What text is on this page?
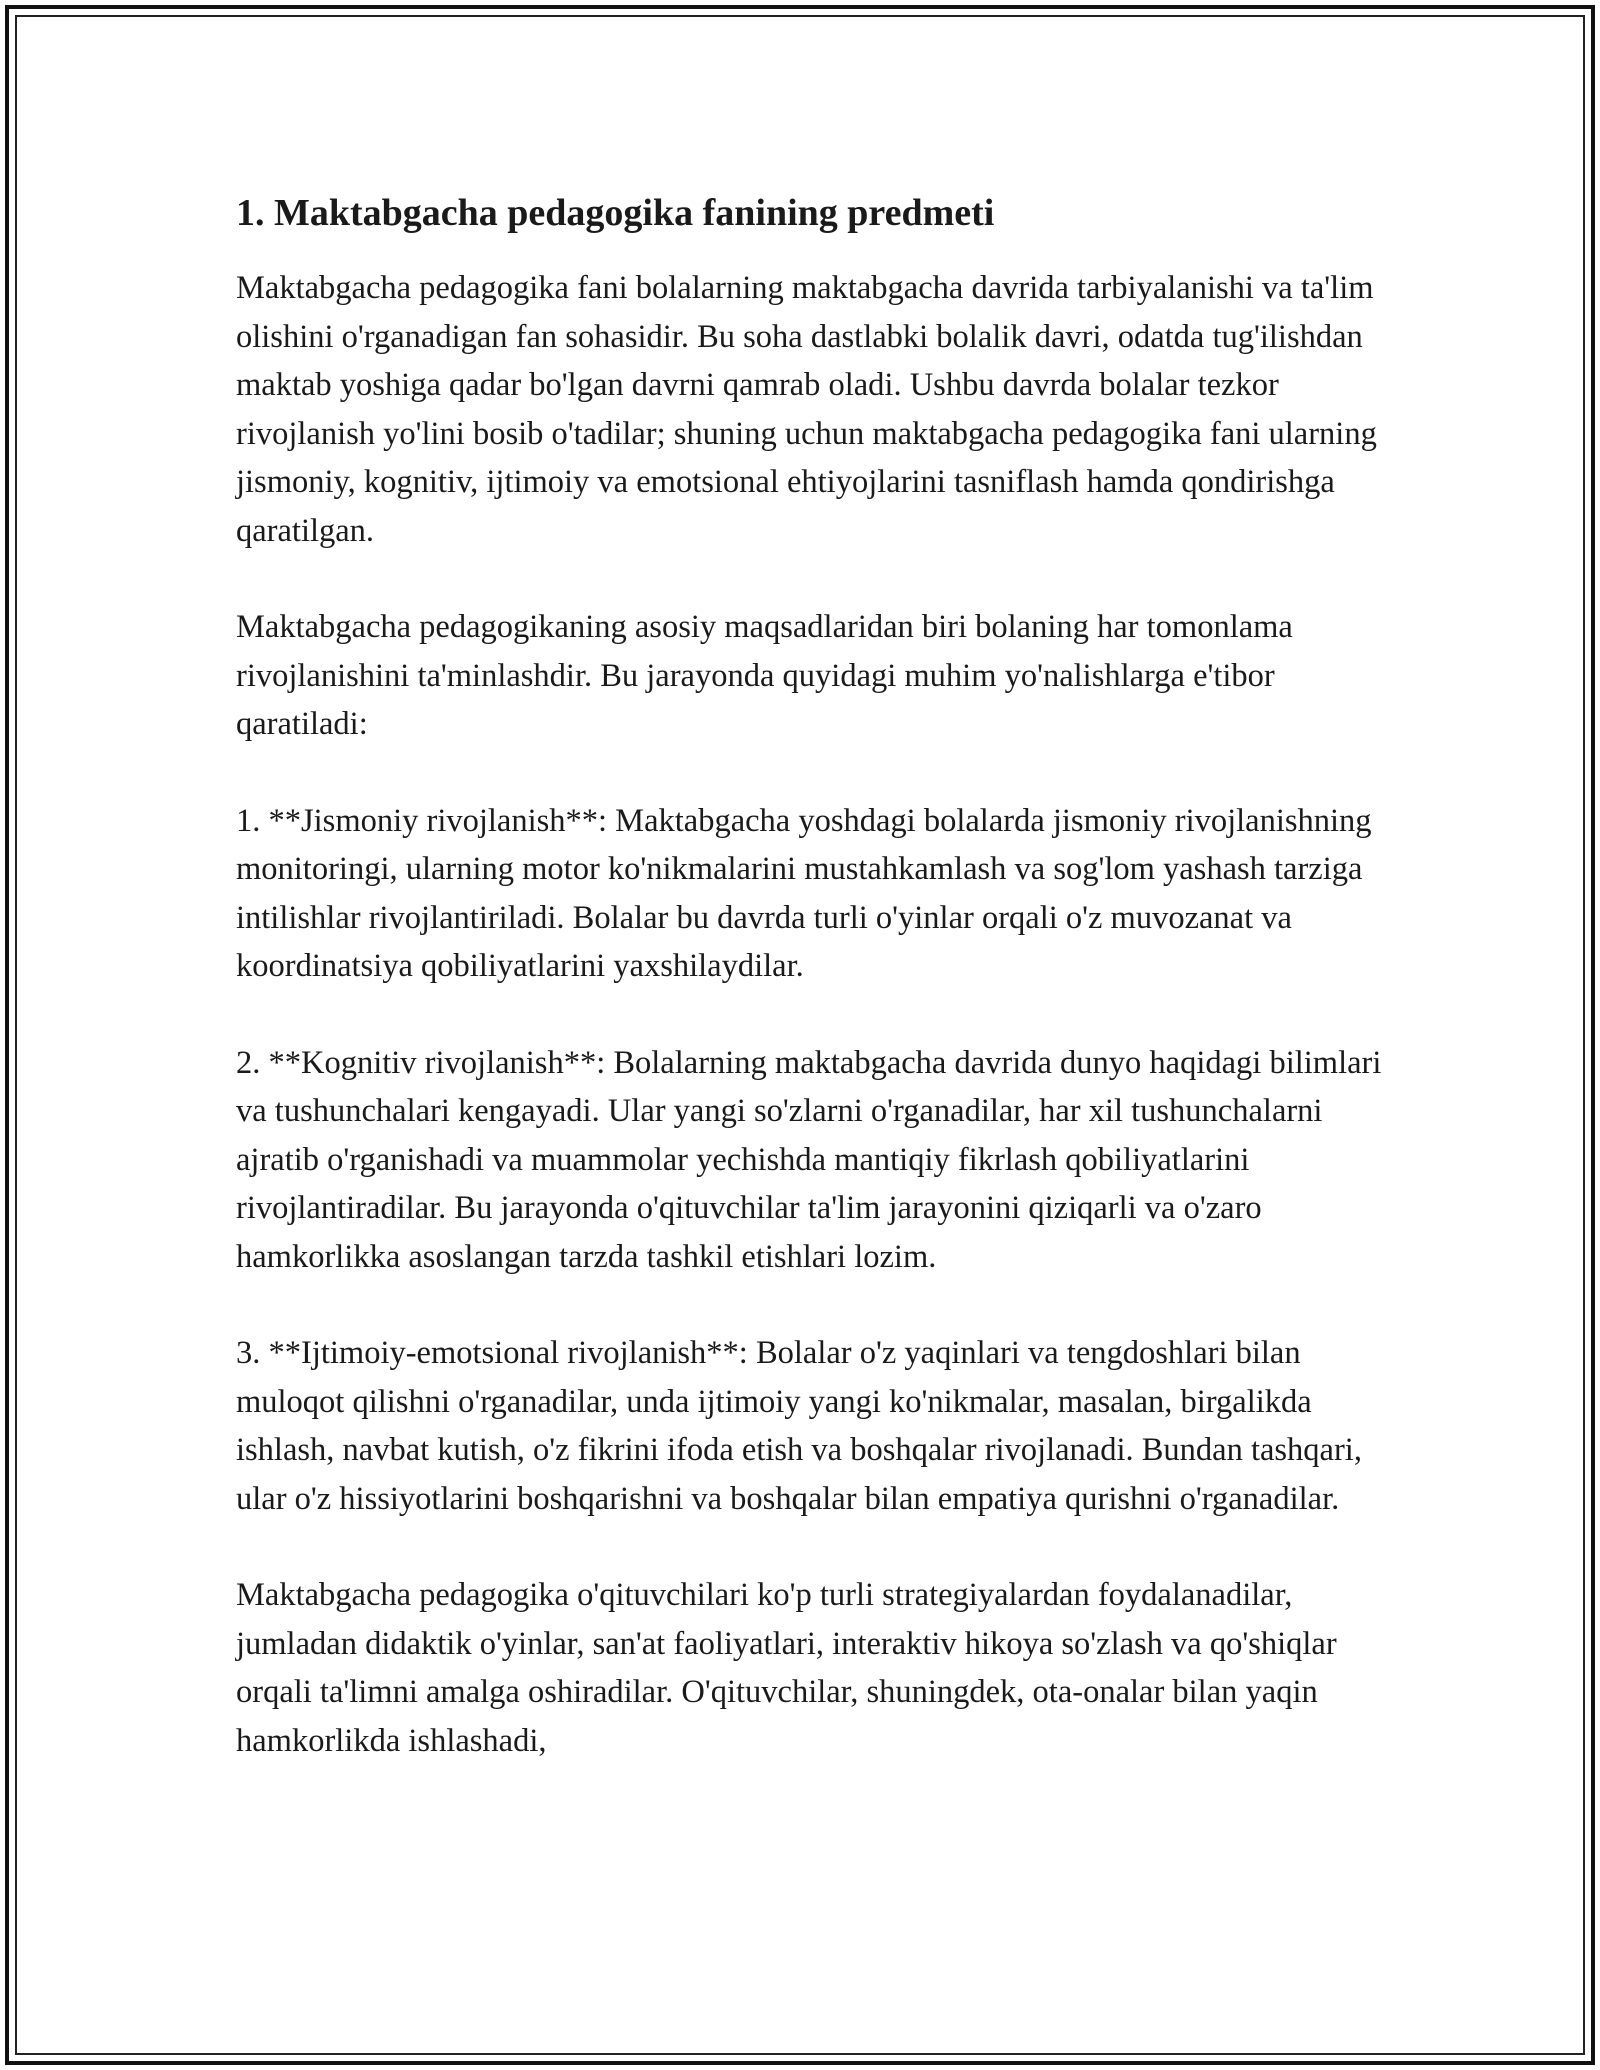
1. Maktabgacha pedagogika fanining predmeti

Maktabgacha pedagogika fani bolalarning maktabgacha davrida tarbiyalanishi va ta'lim olishini o'rganadigan fan sohasidir. Bu soha dastlabki bolalik davri, odatda tug'ilishdan maktab yoshiga qadar bo'lgan davrni qamrab oladi. Ushbu davrda bolalar tezkor rivojlanish yo'lini bosib o'tadilar; shuning uchun maktabgacha pedagogika fani ularning jismoniy, kognitiv, ijtimoiy va emotsional ehtiyojlarini tasniflash hamda qondirishga qaratilgan.

Maktabgacha pedagogikaning asosiy maqsadlaridan biri bolaning har tomonlama rivojlanishini ta'minlashdir. Bu jarayonda quyidagi muhim yo'nalishlarga e'tibor qaratiladi:

1. **Jismoniy rivojlanish**: Maktabgacha yoshdagi bolalarda jismoniy rivojlanishning monitoringi, ularning motor ko'nikmalarini mustahkamlash va sog'lom yashash tarziga intilishlar rivojlantiriladi. Bolalar bu davrda turli o'yinlar orqali o'z muvozanat va koordinatsiya qobiliyatlarini yaxshilaydilar.

2. **Kognitiv rivojlanish**: Bolalarning maktabgacha davrida dunyo haqidagi bilimlari va tushunchalari kengayadi. Ular yangi so'zlarni o'rganadilar, har xil tushunchalarni ajratib o'rganishadi va muammolar yechishda mantiqiy fikrlash qobiliyatlarini rivojlantiradilar. Bu jarayonda o'qituvchilar ta'lim jarayonini qiziqarli va o'zaro hamkorlikka asoslangan tarzda tashkil etishlari lozim.

3. **Ijtimoiy-emotsional rivojlanish**: Bolalar o'z yaqinlari va tengdoshlari bilan muloqot qilishni o'rganadilar, unda ijtimoiy yangi ko'nikmalar, masalan, birgalikda ishlash, navbat kutish, o'z fikrini ifoda etish va boshqalar rivojlanadi. Bundan tashqari, ular o'z hissiyotlarini boshqarishni va boshqalar bilan empatiya qurishni o'rganadilar.

Maktabgacha pedagogika o'qituvchilari ko'p turli strategiyalardan foydalanadilar, jumladan didaktik o'yinlar, san'at faoliyatlari, interaktiv hikoya so'zlash va qo'shiqlar orqali ta'limni amalga oshiradilar. O'qituvchilar, shuningdek, ota-onalar bilan yaqin hamkorlikda ishlashadi,
